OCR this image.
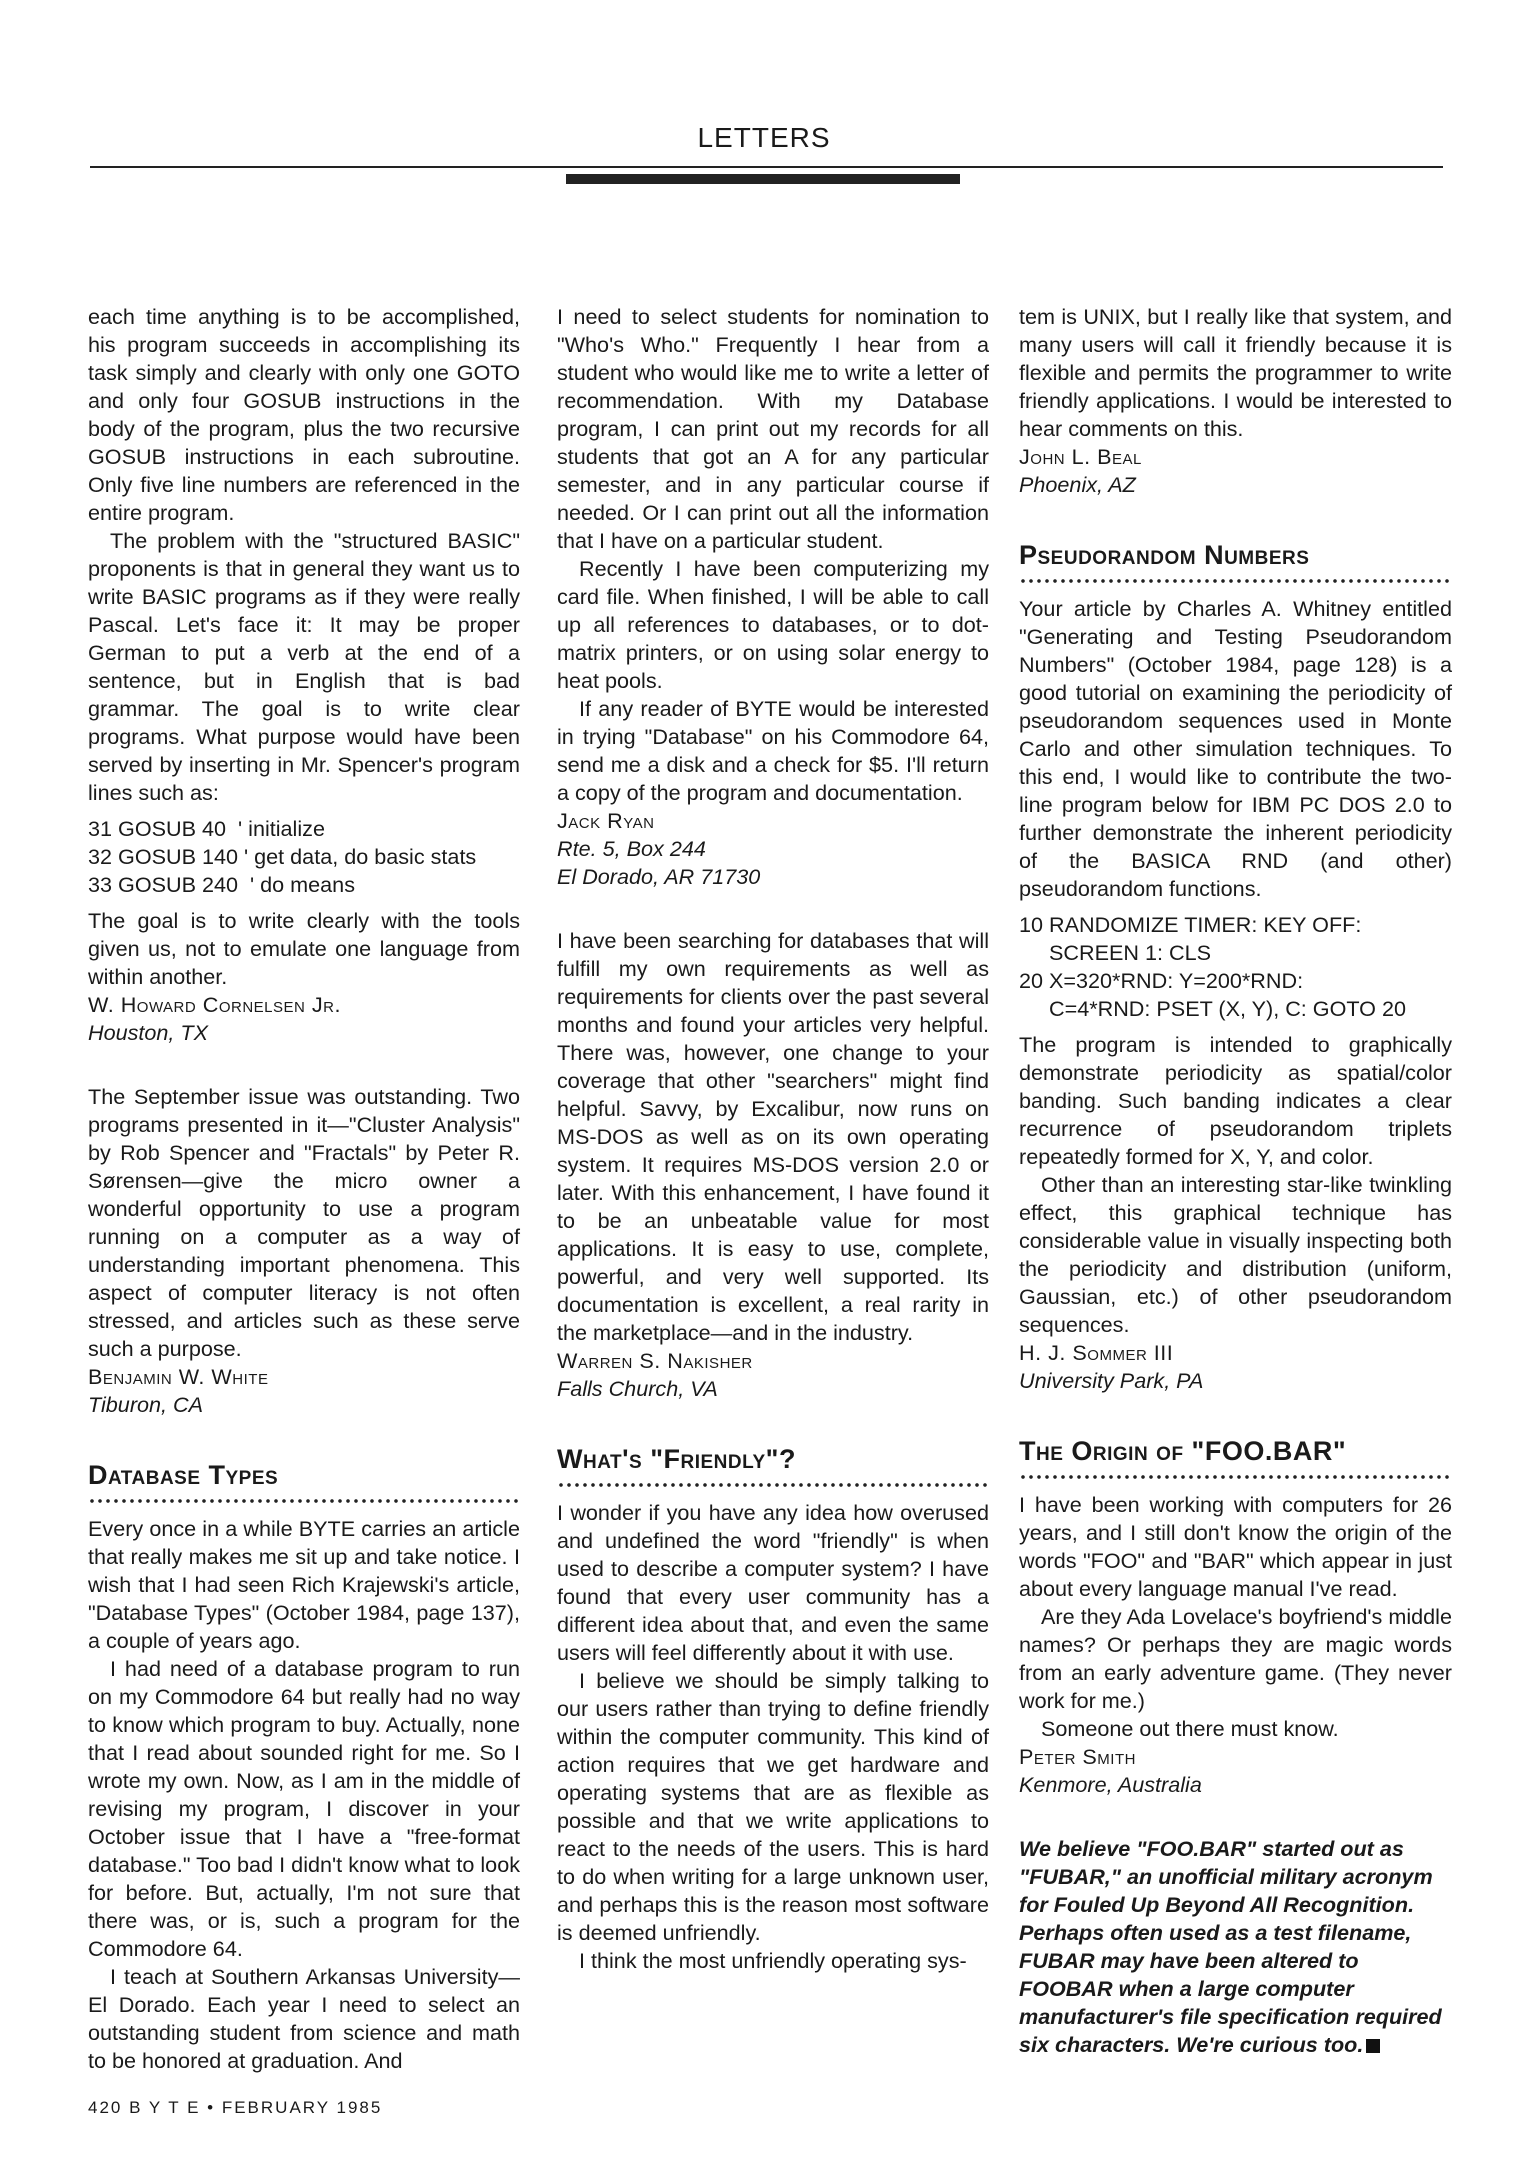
LETTERS

each time anything is to be accomplished, his program succeeds in accomplishing its task simply and clearly with only one GOTO and only four GOSUB instructions in the body of the program, plus the two recursive GOSUB instructions in each subroutine. Only five line numbers are referenced in the entire program.

The problem with the "structured BASIC" proponents is that in general they want us to write BASIC programs as if they were really Pascal. Let's face it: It may be proper German to put a verb at the end of a sentence, but in English that is bad grammar. The goal is to write clear programs. What purpose would have been served by inserting in Mr. Spencer's program lines such as:

31 GOSUB 40  ' initialize
32 GOSUB 140 ' get data, do basic stats
33 GOSUB 240  ' do means

The goal is to write clearly with the tools given us, not to emulate one language from within another.

W. Howard Cornelsen Jr.

Houston, TX

The September issue was outstanding. Two programs presented in it—"Cluster Analysis" by Rob Spencer and "Fractals" by Peter R. Sørensen—give the micro owner a wonderful opportunity to use a program running on a computer as a way of understanding important phenomena. This aspect of computer literacy is not often stressed, and articles such as these serve such a purpose.

Benjamin W. White

Tiburon, CA

Database Types

Every once in a while BYTE carries an article that really makes me sit up and take notice. I wish that I had seen Rich Krajewski's article, "Database Types" (October 1984, page 137), a couple of years ago.

I had need of a database program to run on my Commodore 64 but really had no way to know which program to buy. Actually, none that I read about sounded right for me. So I wrote my own. Now, as I am in the middle of revising my program, I discover in your October issue that I have a "free-format database." Too bad I didn't know what to look for before. But, actually, I'm not sure that there was, or is, such a program for the Commodore 64.

I teach at Southern Arkansas University—El Dorado. Each year I need to select an outstanding student from science and math to be honored at graduation. And

I need to select students for nomination to "Who's Who." Frequently I hear from a student who would like me to write a letter of recommendation. With my Database program, I can print out my records for all students that got an A for any particular semester, and in any particular course if needed. Or I can print out all the information that I have on a particular student.

Recently I have been computerizing my card file. When finished, I will be able to call up all references to databases, or to dot-matrix printers, or on using solar energy to heat pools.

If any reader of BYTE would be interested in trying "Database" on his Commodore 64, send me a disk and a check for $5. I'll return a copy of the program and documentation.

Jack Ryan

Rte. 5, Box 244

El Dorado, AR 71730

I have been searching for databases that will fulfill my own requirements as well as requirements for clients over the past several months and found your articles very helpful. There was, however, one change to your coverage that other "searchers" might find helpful. Savvy, by Excalibur, now runs on MS-DOS as well as on its own operating system. It requires MS-DOS version 2.0 or later. With this enhancement, I have found it to be an unbeatable value for most applications. It is easy to use, complete, powerful, and very well supported. Its documentation is excellent, a real rarity in the marketplace—and in the industry.

Warren S. Nakisher

Falls Church, VA

What's "Friendly"?

I wonder if you have any idea how overused and undefined the word "friendly" is when used to describe a computer system? I have found that every user community has a different idea about that, and even the same users will feel differently about it with use.

I believe we should be simply talking to our users rather than trying to define friendly within the computer community. This kind of action requires that we get hardware and operating systems that are as flexible as possible and that we write applications to react to the needs of the users. This is hard to do when writing for a large unknown user, and perhaps this is the reason most software is deemed unfriendly.

I think the most unfriendly operating sys-

tem is UNIX, but I really like that system, and many users will call it friendly because it is flexible and permits the programmer to write friendly applications. I would be interested to hear comments on this.

John L. Beal

Phoenix, AZ

Pseudorandom Numbers

Your article by Charles A. Whitney entitled "Generating and Testing Pseudorandom Numbers" (October 1984, page 128) is a good tutorial on examining the periodicity of pseudorandom sequences used in Monte Carlo and other simulation techniques. To this end, I would like to contribute the two-line program below for IBM PC DOS 2.0 to further demonstrate the inherent periodicity of the BASICA RND (and other) pseudorandom functions.

10 RANDOMIZE TIMER: KEY OFF:
SCREEN 1: CLS
20 X=320*RND: Y=200*RND:
C=4*RND: PSET (X, Y), C: GOTO 20

The program is intended to graphically demonstrate periodicity as spatial/color banding. Such banding indicates a clear recurrence of pseudorandom triplets repeatedly formed for X, Y, and color.

Other than an interesting star-like twinkling effect, this graphical technique has considerable value in visually inspecting both the periodicity and distribution (uniform, Gaussian, etc.) of other pseudorandom sequences.

H. J. Sommer III

University Park, PA

The Origin of "FOO.BAR"

I have been working with computers for 26 years, and I still don't know the origin of the words "FOO" and "BAR" which appear in just about every language manual I've read.

Are they Ada Lovelace's boyfriend's middle names? Or perhaps they are magic words from an early adventure game. (They never work for me.)

Someone out there must know.

Peter Smith

Kenmore, Australia

We believe "FOO.BAR" started out as "FUBAR," an unofficial military acronym for Fouled Up Beyond All Recognition. Perhaps often used as a test filename, FUBAR may have been altered to FOOBAR when a large computer manufacturer's file specification required six characters. We're curious too.

420 B Y T E • FEBRUARY 1985
